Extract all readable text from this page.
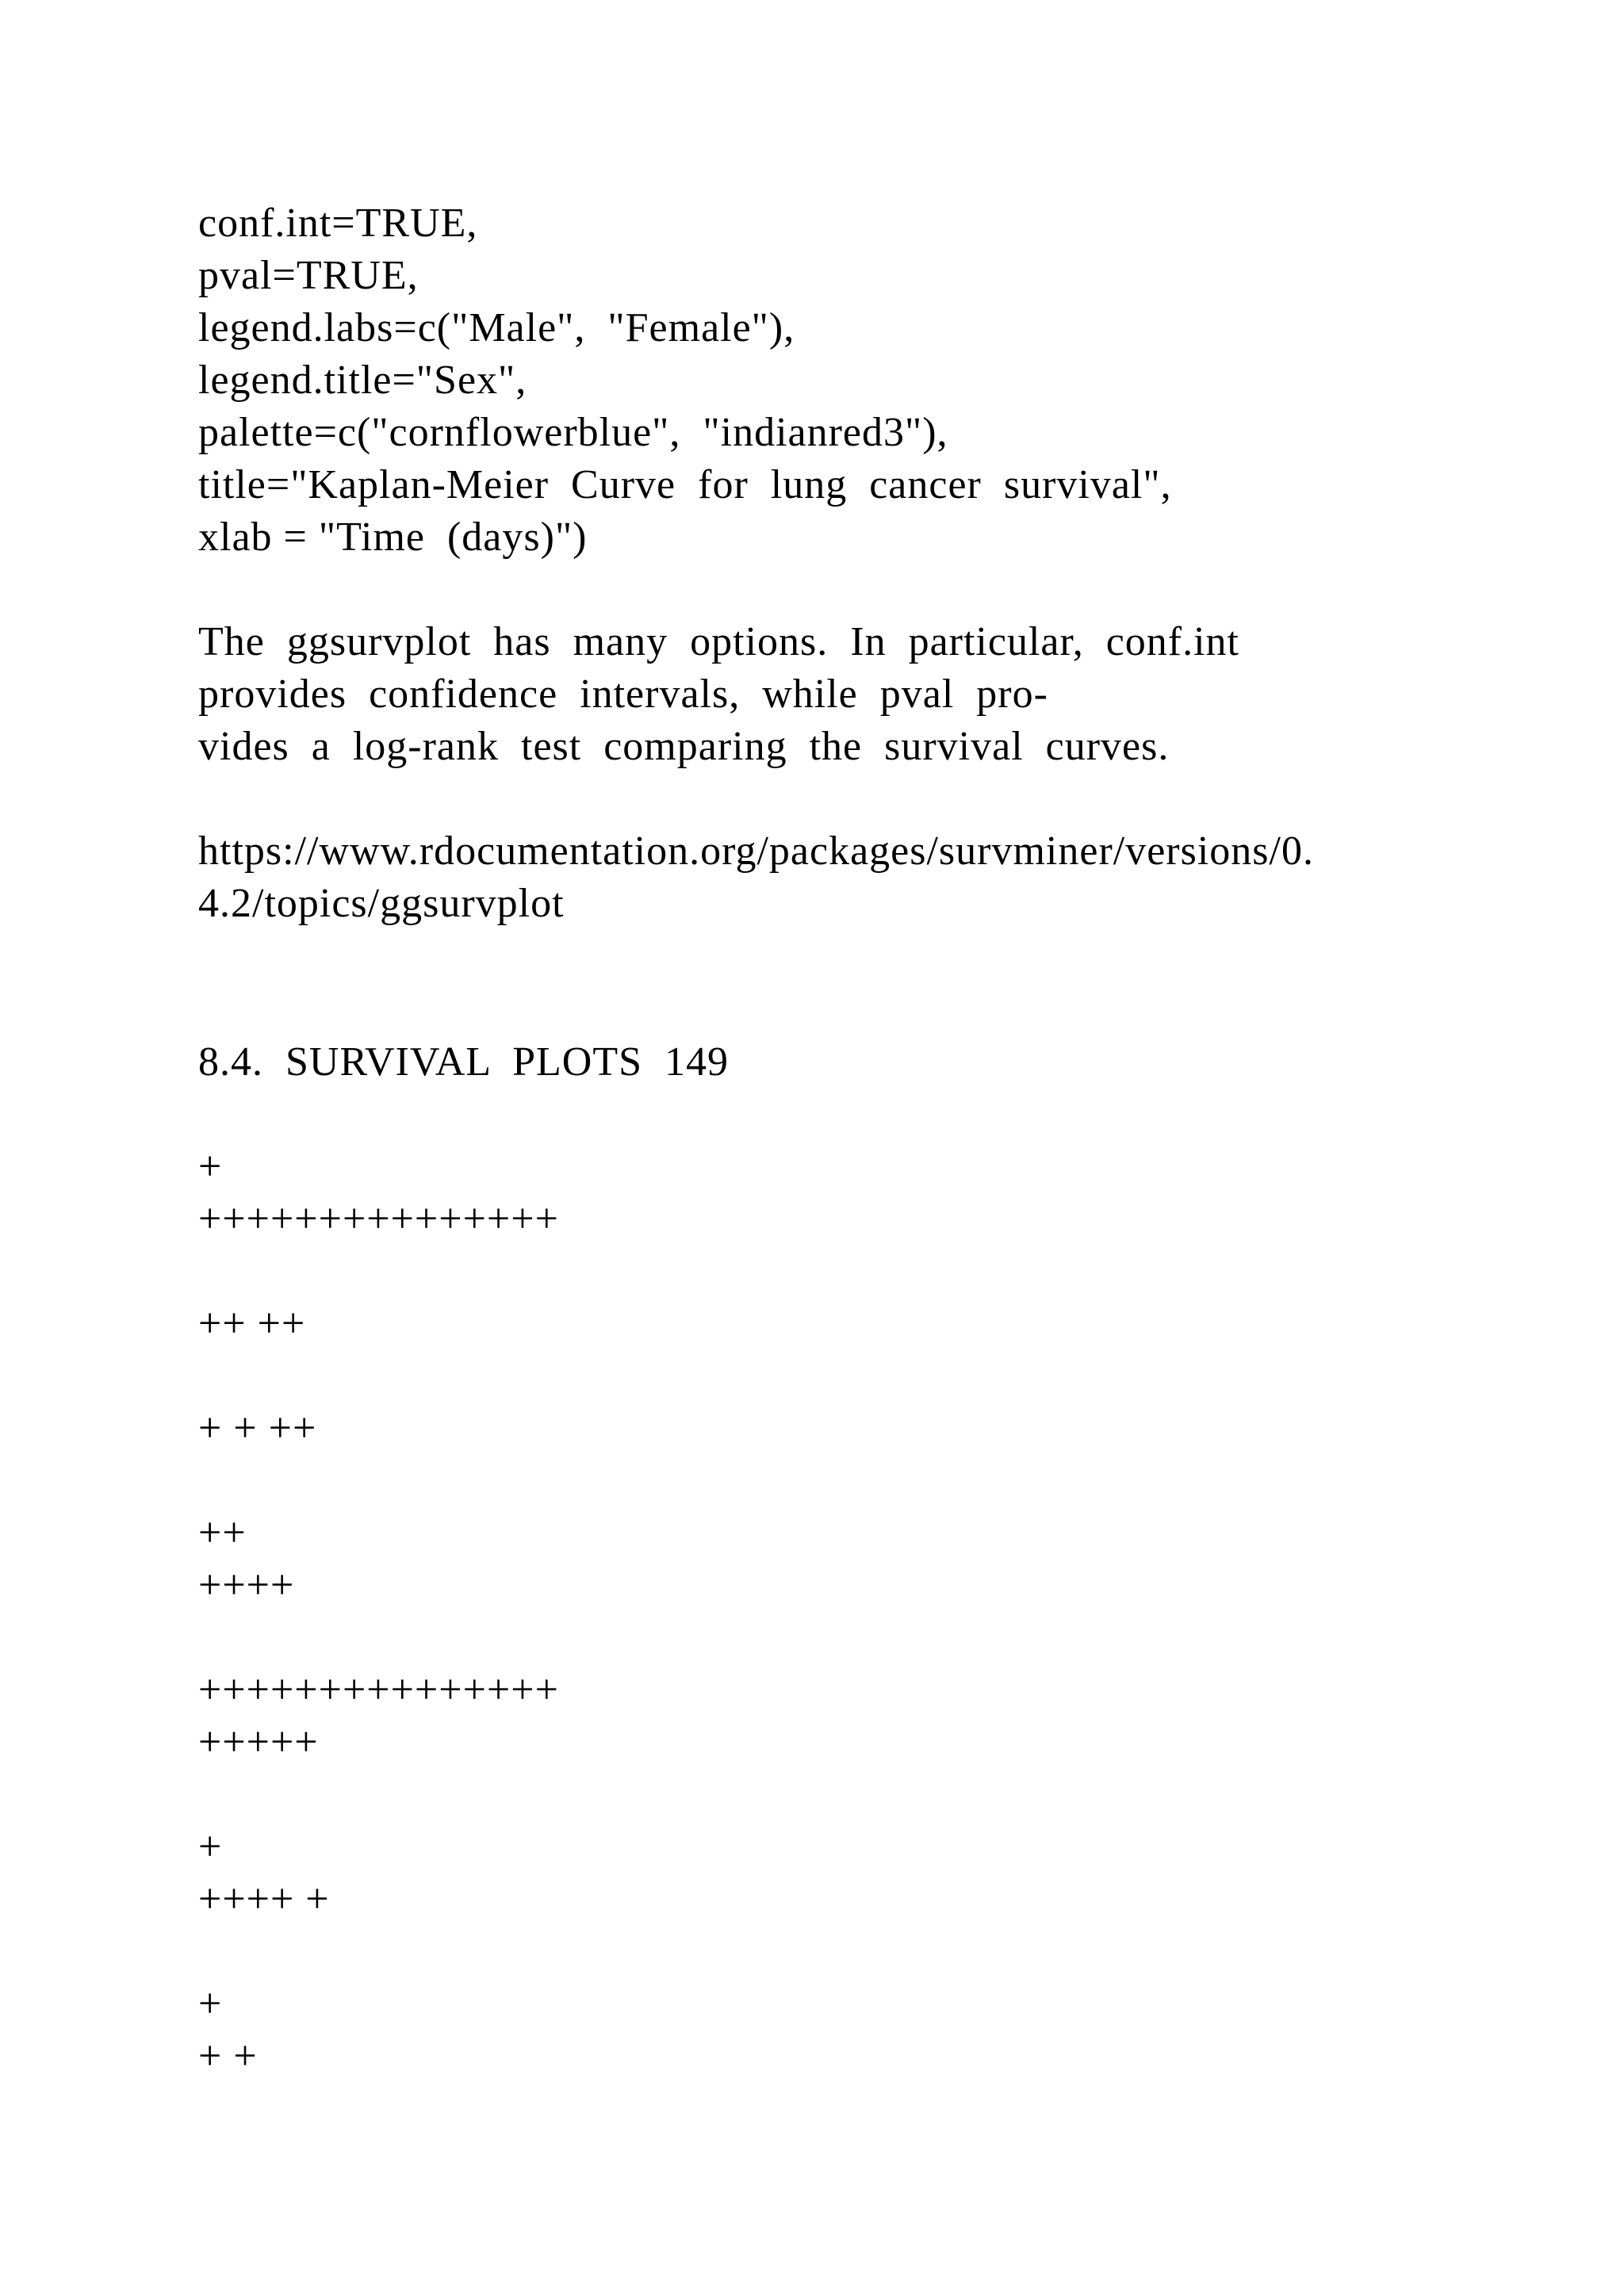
conf.int=TRUE,
pval=TRUE,
legend.labs=c("Male",  "Female"),
legend.title="Sex",
palette=c("cornflowerblue",  "indianred3"),
title="Kaplan-Meier  Curve  for  lung  cancer  survival",
xlab = "Time  (days)")
The  ggsurvplot  has  many  options.  In  particular,  conf.int
provides  confidence  intervals,  while  pval  pro-
vides  a  log-rank  test  comparing  the  survival  curves.
https://www.rdocumentation.org/packages/survminer/versions/0.
4.2/topics/ggsurvplot
8.4.  SURVIVAL  PLOTS  149
+
+++++++++++++++
++ ++
+ + ++
++
++++
+++++++++++++++
+++++
+
++++ +
+
+ +
